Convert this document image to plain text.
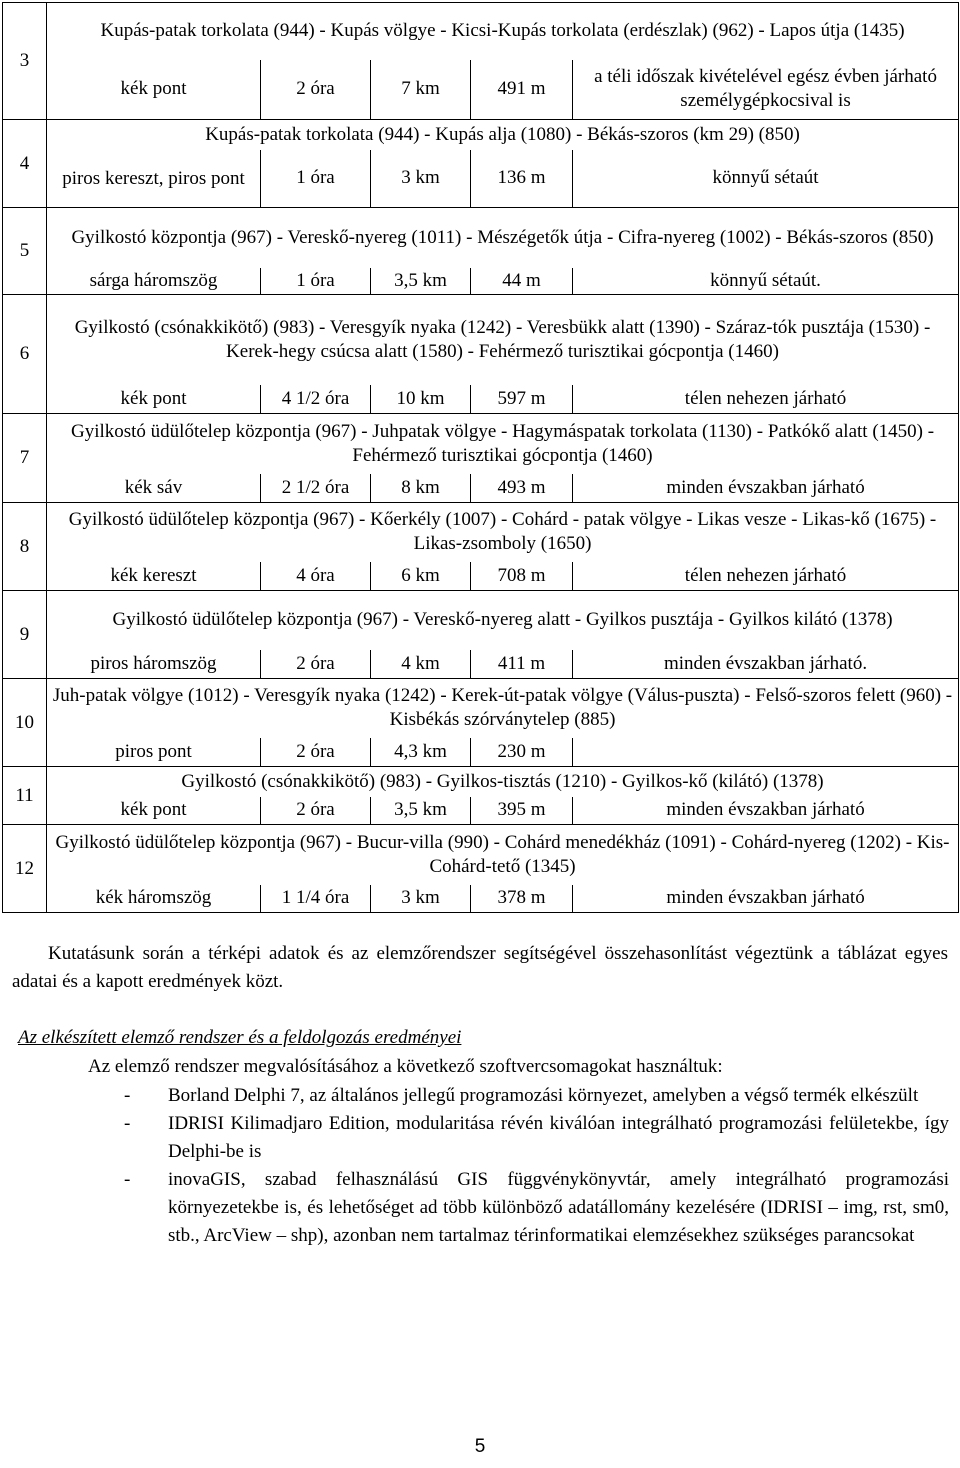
3	Kupás-patak torkolata (944) - Kupás völgye - Kicsi-Kupás torkolata (erdészlak) (962) - Lapos útja (1435)				
	kék pont	2 óra	7 km	491 m	a téli időszak kivételével egész évben járható személygépkocsival is
4	Kupás-patak torkolata (944) - Kupás alja (1080) - Békás-szoros (km 29) (850)				
	piros kereszt, piros pont	1 óra	3 km	136 m	könnyű sétaút
5	Gyilkostó központja (967) - Vereskő-nyereg (1011) - Mészégetők útja - Cifra-nyereg (1002) - Békás-szoros (850)				
	sárga háromszög	1 óra	3,5 km	44 m	könnyű sétaút.
6	Gyilkostó (csónakkikötő) (983) - Veresgyík nyaka (1242) - Veresbükk alatt (1390) - Száraz-tók pusztája (1530) - Kerek-hegy csúcsa alatt (1580) - Fehérmező turisztikai gócpontja (1460)				
	kék pont	4 1/2 óra	10 km	597 m	télen nehezen járható
7	Gyilkostó üdülőtelep központja (967) - Juhpatak völgye - Hagymáspatak torkolata (1130) - Patkókő alatt (1450) - Fehérmező turisztikai gócpontja (1460)				
	kék sáv	2 1/2 óra	8 km	493 m	minden évszakban járható
8	Gyilkostó üdülőtelep központja (967) - Kőerkély (1007) - Cohárd - patak völgye - Likas vesze - Likas-kő (1675) - Likas-zsomboly (1650)				
	kék kereszt	4 óra	6 km	708 m	télen nehezen járható
9	Gyilkostó üdülőtelep központja (967) - Vereskő-nyereg alatt - Gyilkos pusztája - Gyilkos kilátó (1378)				
	piros háromszög	2 óra	4 km	411 m	minden évszakban járható.
10	Juh-patak völgye (1012) - Veresgyík nyaka (1242) - Kerek-út-patak völgye (Válus-puszta) - Felső-szoros felett (960) - Kisbékás szórványtelep (885)				
	piros pont	2 óra	4,3 km	230 m	
11	Gyilkostó (csónakkikötő) (983) - Gyilkos-tisztás (1210) - Gyilkos-kő (kilátó) (1378)				
	kék pont	2 óra	3,5 km	395 m	minden évszakban járható
12	Gyilkostó üdülőtelep központja (967) - Bucur-villa (990) - Cohárd menedékház (1091) - Cohárd-nyereg (1202) - Kis-Cohárd-tető (1345)				
	kék háromszög	1 1/4 óra	3 km	378 m	minden évszakban járható

Kutatásunk során a térképi adatok és az elemzőrendszer segítségével összehasonlítást végeztünk a táblázat egyes adatai és a kapott eredmények közt.

Az elkészített elemző rendszer és a feldolgozás eredményei

Az elemző rendszer megvalósításához a következő szoftvercsomagokat használtuk:

- Borland Delphi 7, az általános jellegű programozási környezet, amelyben a végső termék elkészült
- IDRISI Kilimadjaro Edition, modularitása révén kiválóan integrálható programozási felületekbe, így Delphi-be is
- inovaGIS, szabad felhasználású GIS függvénykönyvtár, amely integrálható programozási környezetekbe is, és lehetőséget ad több különböző adatállomány kezelésére (IDRISI – img, rst, sm0, stb., ArcView – shp), azonban nem tartalmaz térinformatikai elemzésekhez szükséges parancsokat
5
